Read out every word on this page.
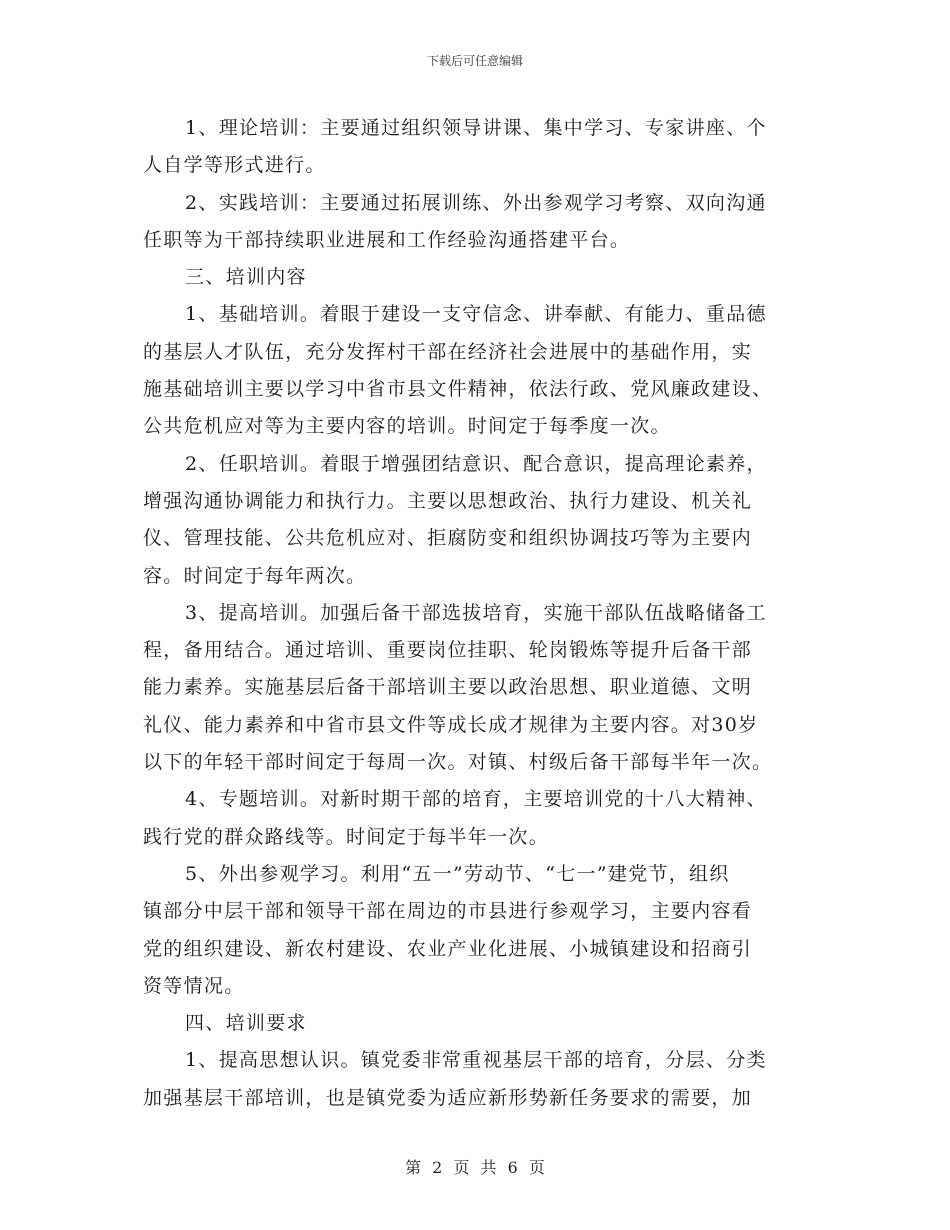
下载后可任意编辑
1、理论培训：主要通过组织领导讲课、集中学习、专家讲座、个
人自学等形式进行。
2、实践培训：主要通过拓展训练、外出参观学习考察、双向沟通
任职等为干部持续职业进展和工作经验沟通搭建平台。
三、培训内容
1、基础培训。着眼于建设一支守信念、讲奉献、有能力、重品德
的基层人才队伍，充分发挥村干部在经济社会进展中的基础作用，实
施基础培训主要以学习中省市县文件精神，依法行政、党风廉政建设、
公共危机应对等为主要内容的培训。时间定于每季度一次。
2、任职培训。着眼于增强团结意识、配合意识，提高理论素养，
增强沟通协调能力和执行力。主要以思想政治、执行力建设、机关礼
仪、管理技能、公共危机应对、拒腐防变和组织协调技巧等为主要内
容。时间定于每年两次。
3、提高培训。加强后备干部选拔培育，实施干部队伍战略储备工
程，备用结合。通过培训、重要岗位挂职、轮岗锻炼等提升后备干部
能力素养。实施基层后备干部培训主要以政治思想、职业道德、文明
礼仪、能力素养和中省市县文件等成长成才规律为主要内容。对30岁
以下的年轻干部时间定于每周一次。对镇、村级后备干部每半年一次。
4、专题培训。对新时期干部的培育，主要培训党的十八大精神、
践行党的群众路线等。时间定于每半年一次。
5、外出参观学习。利用“五一”劳动节、“七一”建党节，组织
镇部分中层干部和领导干部在周边的市县进行参观学习，主要内容看
党的组织建设、新农村建设、农业产业化进展、小城镇建设和招商引
资等情况。
四、培训要求
1、提高思想认识。镇党委非常重视基层干部的培育，分层、分类
加强基层干部培训，也是镇党委为适应新形势新任务要求的需要，加
第 2 页 共 6 页
